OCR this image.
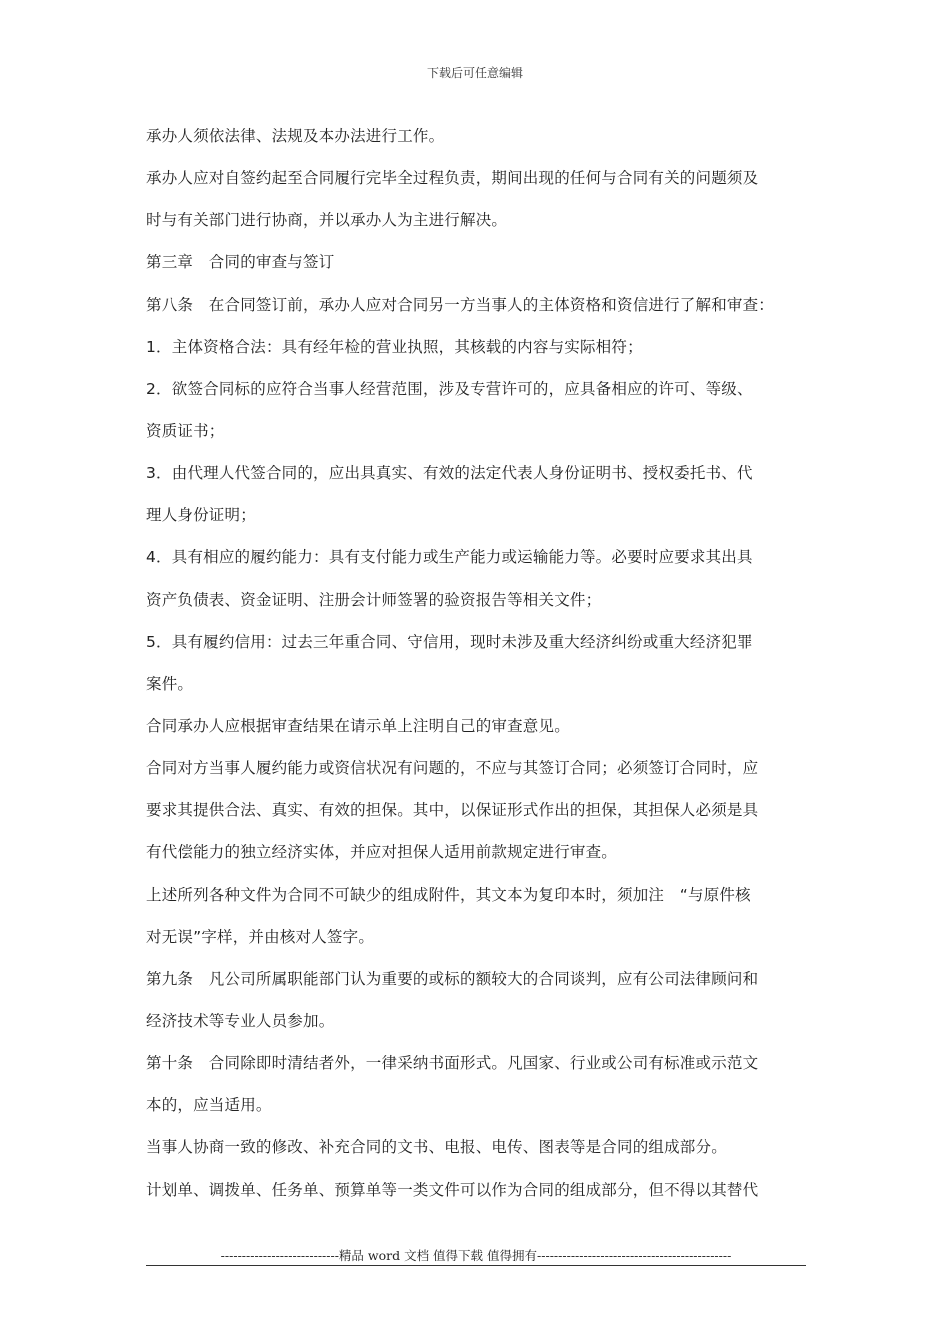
下载后可任意编辑
承办人须依法律、法规及本办法进行工作。
承办人应对自签约起至合同履行完毕全过程负责，期间出现的任何与合同有关的问题须及
时与有关部门进行协商，并以承办人为主进行解决。
第三章　合同的审查与签订
第八条　在合同签订前，承办人应对合同另一方当事人的主体资格和资信进行了解和审查：
1．主体资格合法：具有经年检的营业执照，其核载的内容与实际相符；
2．欲签合同标的应符合当事人经营范围，涉及专营许可的，应具备相应的许可、等级、
资质证书；
3．由代理人代签合同的，应出具真实、有效的法定代表人身份证明书、授权委托书、代
理人身份证明；
4．具有相应的履约能力：具有支付能力或生产能力或运输能力等。必要时应要求其出具
资产负债表、资金证明、注册会计师签署的验资报告等相关文件；
5．具有履约信用：过去三年重合同、守信用，现时未涉及重大经济纠纷或重大经济犯罪
案件。
合同承办人应根据审查结果在请示单上注明自己的审查意见。
合同对方当事人履约能力或资信状况有问题的，不应与其签订合同；必须签订合同时，应
要求其提供合法、真实、有效的担保。其中，以保证形式作出的担保，其担保人必须是具
有代偿能力的独立经济实体，并应对担保人适用前款规定进行审查。
上述所列各种文件为合同不可缺少的组成附件，其文本为复印本时，须加注　“与原件核
对无误”字样，并由核对人签字。
第九条　凡公司所属职能部门认为重要的或标的额较大的合同谈判，应有公司法律顾问和
经济技术等专业人员参加。
第十条　合同除即时清结者外，一律采纳书面形式。凡国家、行业或公司有标准或示范文
本的，应当适用。
当事人协商一致的修改、补充合同的文书、电报、电传、图表等是合同的组成部分。
计划单、调拨单、任务单、预算单等一类文件可以作为合同的组成部分，但不得以其替代
----------------------------精品 word 文档 值得下载 值得拥有----------------------------------------------
